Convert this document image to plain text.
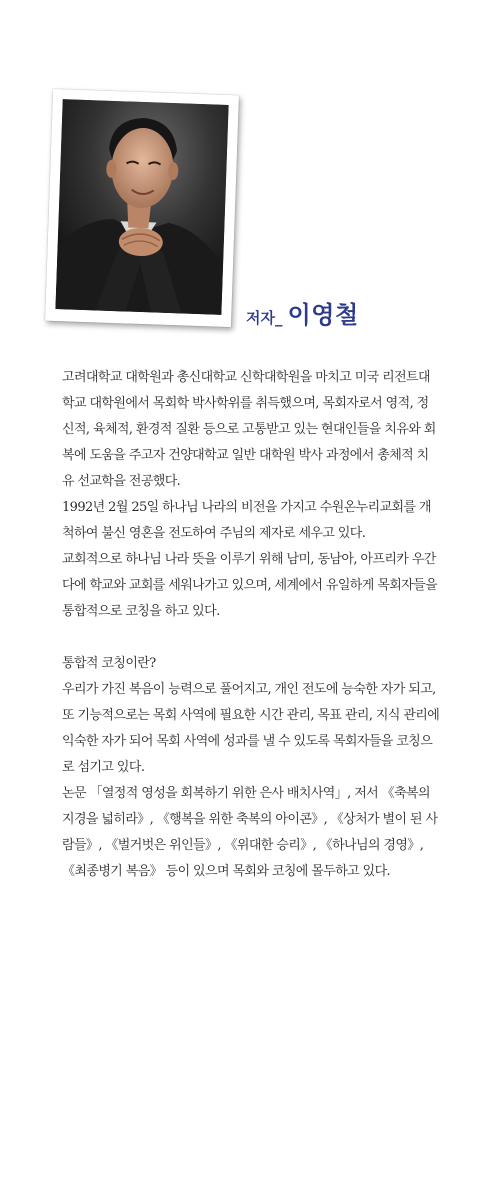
저자_ 이영철

고려대학교 대학원과 총신대학교 신학대학원을 마치고 미국 리전트대학교 대학원에서 목회학 박사학위를 취득했으며, 목회자로서 영적, 정신적, 육체적, 환경적 질환 등으로 고통받고 있는 현대인들을 치유와 회복에 도움을 주고자 건양대학교 일반 대학원 박사 과정에서 총체적 치유 선교학을 전공했다.

1992년 2월 25일 하나님 나라의 비전을 가지고 수원온누리교회를 개척하여 불신 영혼을 전도하여 주님의 제자로 세우고 있다.

교회적으로 하나님 나라 뜻을 이루기 위해 남미, 동남아, 아프리카 우간다에 학교와 교회를 세워나가고 있으며, 세계에서 유일하게 목회자들을 통합적으로 코칭을 하고 있다.

통합적 코칭이란?

우리가 가진 복음이 능력으로 풀어지고, 개인 전도에 능숙한 자가 되고, 또 기능적으로는 목회 사역에 필요한 시간 관리, 목표 관리, 지식 관리에 익숙한 자가 되어 목회 사역에 성과를 낼 수 있도록 목회자들을 코칭으로 섬기고 있다.

논문 「열정적 영성을 회복하기 위한 은사 배치사역」, 저서 《축복의 지경을 넓히라》, 《행복을 위한 축복의 아이콘》, 《상처가 별이 된 사람들》, 《벌거벗은 위인들》, 《위대한 승리》, 《하나님의 경영》, 《최종병기 복음》 등이 있으며 목회와 코칭에 몰두하고 있다.
